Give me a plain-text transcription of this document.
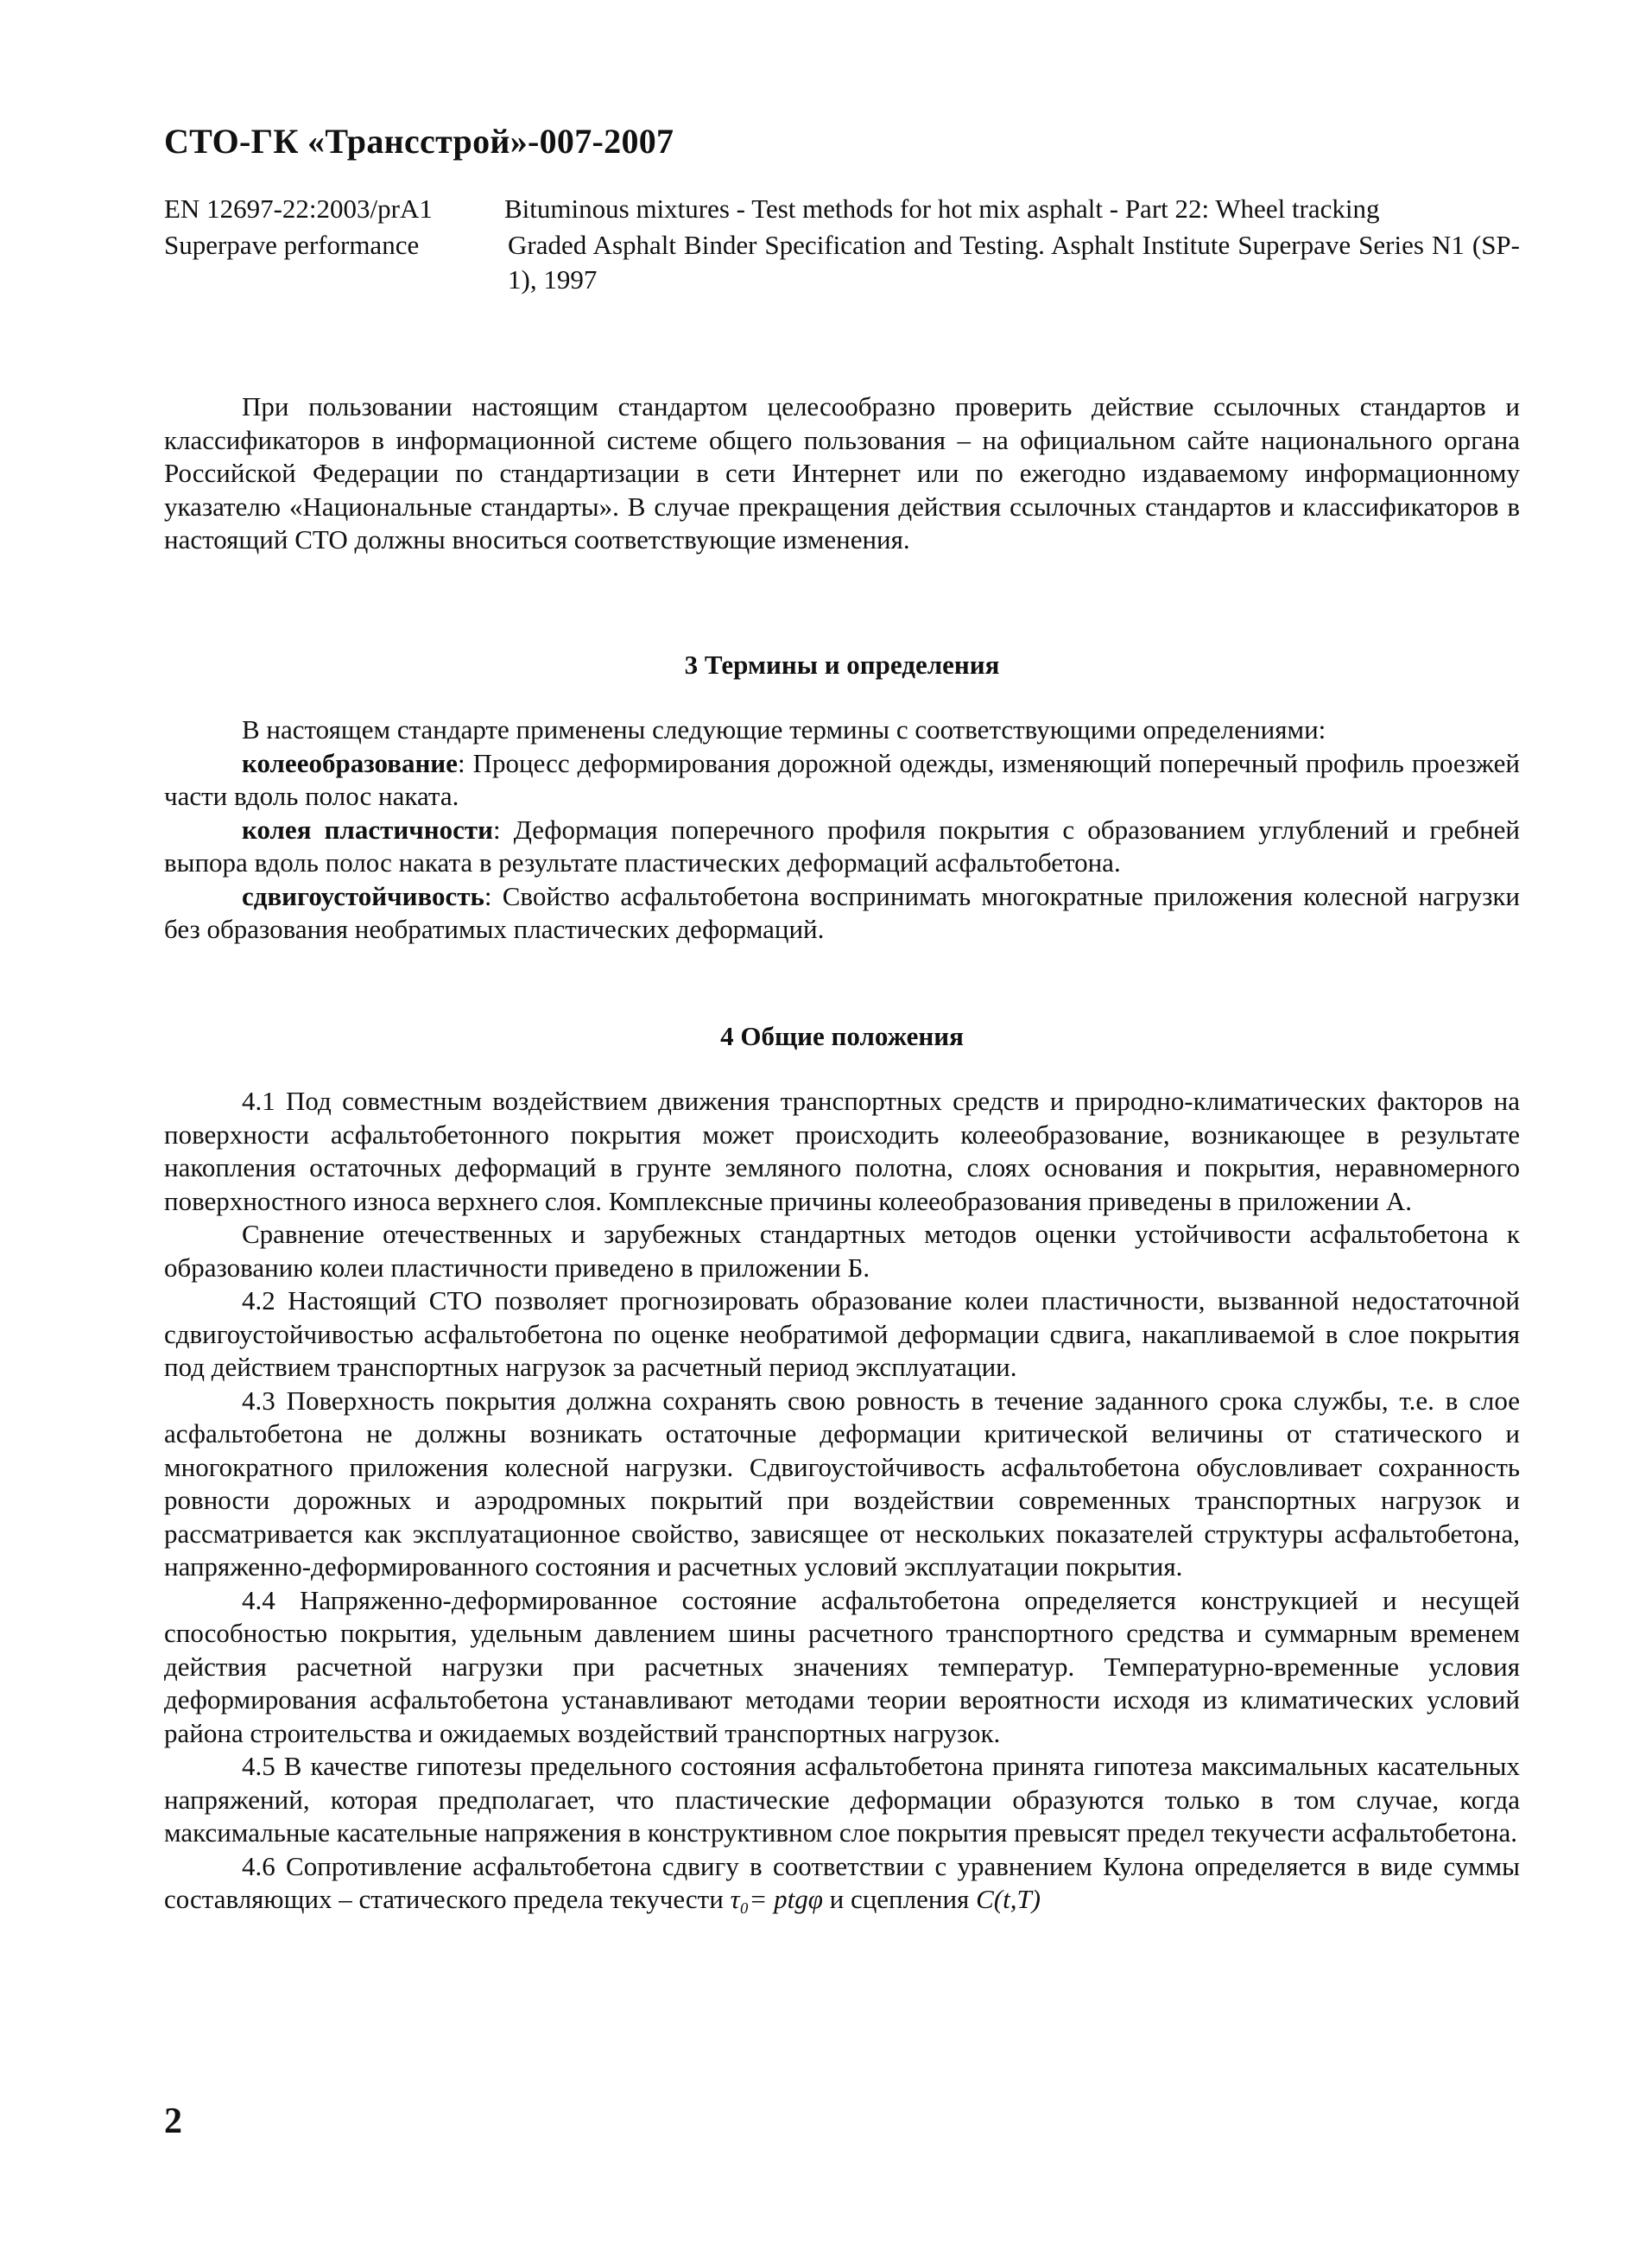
СТО-ГК «Трансстрой»-007-2007
EN 12697-22:2003/prA1	Bituminous mixtures - Test methods for hot mix asphalt - Part 22: Wheel tracking
Superpave performance	Graded Asphalt Binder Specification and Testing. Asphalt Institute Superpave Series N1 (SP-1), 1997

При пользовании настоящим стандартом целесообразно проверить действие ссылочных стандартов и классификаторов в информационной системе общего пользования – на официальном сайте национального органа Российской Федерации по стандартизации в сети Интернет или по ежегодно издаваемому информационному указателю «Национальные стандарты». В случае прекращения действия ссылочных стандартов и классификаторов в настоящий СТО должны вноситься соответствующие изменения.

3 Термины и определения

В настоящем стандарте применены следующие термины с соответствующими определениями:

колееобразование: Процесс деформирования дорожной одежды, изменяющий поперечный профиль проезжей части вдоль полос наката.

колея пластичности: Деформация поперечного профиля покрытия с образованием углублений и гребней выпора вдоль полос наката в результате пластических деформаций асфальтобетона.

сдвигоустойчивость: Свойство асфальтобетона воспринимать многократные приложения колесной нагрузки без образования необратимых пластических деформаций.

4 Общие положения

4.1 Под совместным воздействием движения транспортных средств и природно-климатических факторов на поверхности асфальтобетонного покрытия может происходить колееобразование, возникающее в результате накопления остаточных деформаций в грунте земляного полотна, слоях основания и покрытия, неравномерного поверхностного износа верхнего слоя. Комплексные причины колееобразования приведены в приложении А.

Сравнение отечественных и зарубежных стандартных методов оценки устойчивости асфальтобетона к образованию колеи пластичности приведено в приложении Б.

4.2 Настоящий СТО позволяет прогнозировать образование колеи пластичности, вызванной недостаточной сдвигоустойчивостью асфальтобетона по оценке необратимой деформации сдвига, накапливаемой в слое покрытия под действием транспортных нагрузок за расчетный период эксплуатации.

4.3 Поверхность покрытия должна сохранять свою ровность в течение заданного срока службы, т.е. в слое асфальтобетона не должны возникать остаточные деформации критической величины от статического и многократного приложения колесной нагрузки. Сдвигоустойчивость асфальтобетона обусловливает сохранность ровности дорожных и аэродромных покрытий при воздействии современных транспортных нагрузок и рассматривается как эксплуатационное свойство, зависящее от нескольких показателей структуры асфальтобетона, напряженно-деформированного состояния и расчетных условий эксплуатации покрытия.

4.4 Напряженно-деформированное состояние асфальтобетона определяется конструкцией и несущей способностью покрытия, удельным давлением шины расчетного транспортного средства и суммарным временем действия расчетной нагрузки при расчетных значениях температур. Температурно-временные условия деформирования асфальтобетона устанавливают методами теории вероятности исходя из климатических условий района строительства и ожидаемых воздействий транспортных нагрузок.

4.5 В качестве гипотезы предельного состояния асфальтобетона принята гипотеза максимальных касательных напряжений, которая предполагает, что пластические деформации образуются только в том случае, когда максимальные касательные напряжения в конструктивном слое покрытия превысят предел текучести асфальтобетона.

4.6 Сопротивление асфальтобетона сдвигу в соответствии с уравнением Кулона определяется в виде суммы составляющих – статического предела текучести τ₀= ptgφ и сцепления C(t,T)

2
